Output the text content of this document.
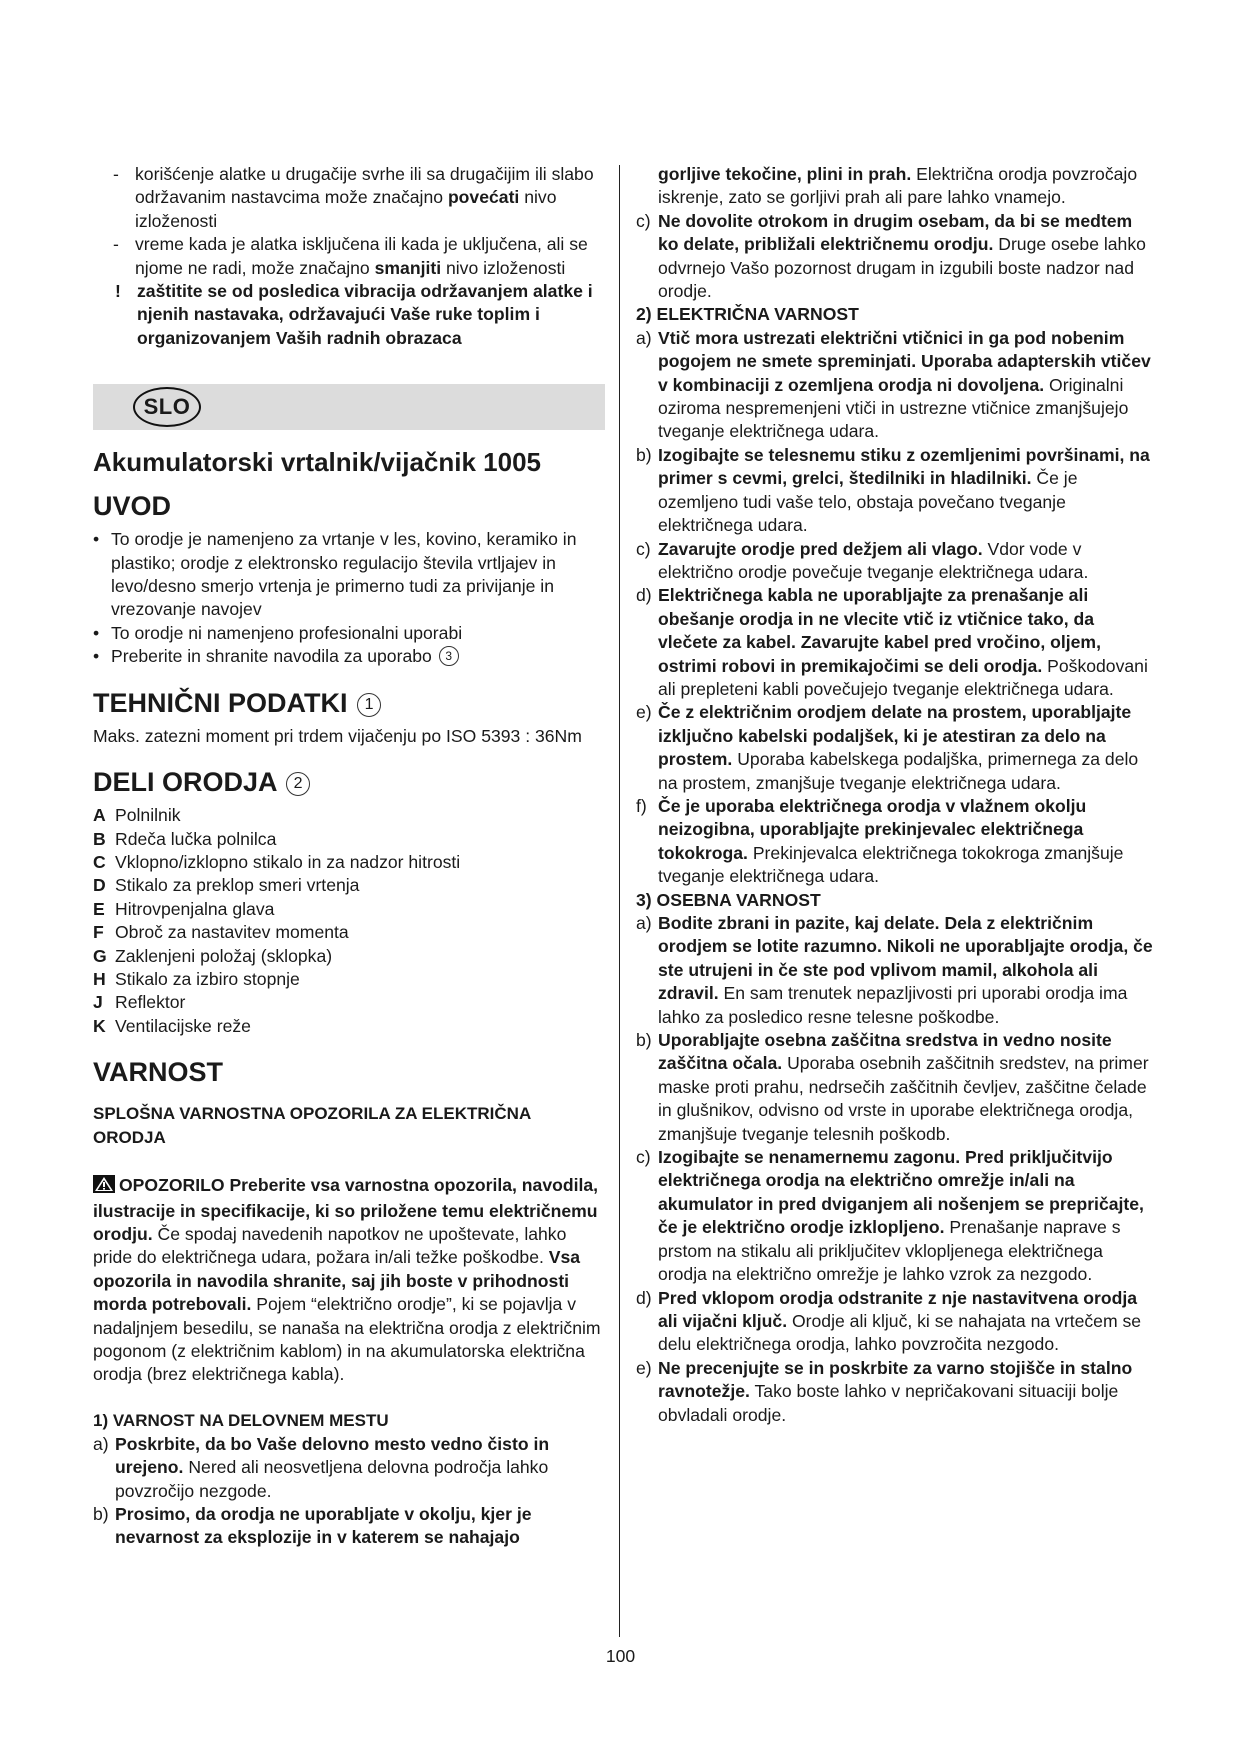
- korišćenje alatke u drugačije svrhe ili sa drugačijim ili slabo održavanim nastavcima može značajno povećati nivo izloženosti
- vreme kada je alatka isključena ili kada je uključena, ali se njome ne radi, može značajno smanjiti nivo izloženosti
! zaštitite se od posledica vibracija održavanjem alatke i njenih nastavaka, održavajući Vaše ruke toplim i organizovanjem Vaših radnih obrazaca
SLO
Akumulatorski vrtalnik/vijačnik 1005
UVOD
• To orodje je namenjeno za vrtanje v les, kovino, keramiko in plastiko; orodje z elektronsko regulacijo števila vrtljajev in levo/desno smerjo vrtenja je primerno tudi za privijanje in vrezovanje navojev
• To orodje ni namenjeno profesionalni uporabi
• Preberite in shranite navodila za uporabo 3
TEHNIČNI PODATKI 1

Maks. zatezni moment pri trdem vijačenju po ISO 5393 : 36Nm

DELI ORODJA 2
A Polnilnik
B Rdeča lučka polnilca
C Vklopno/izklopno stikalo in za nadzor hitrosti
D Stikalo za preklop smeri vrtenja
E Hitrovpenjalna glava
F Obroč za nastavitev momenta
G Zaklenjeni položaj (sklopka)
H Stikalo za izbiro stopnje
J Reflektor
K Ventilacijske reže
VARNOST
SPLOŠNA VARNOSTNA OPOZORILA ZA ELEKTRIČNA ORODJA

OPOZORILO Preberite vsa varnostna opozorila, navodila, ilustracije in specifikacije, ki so priložene temu električnemu orodju. Če spodaj navedenih napotkov ne upoštevate, lahko pride do električnega udara, požara in/ali težke poškodbe. Vsa opozorila in navodila shranite, saj jih boste v prihodnosti morda potrebovali. Pojem “električno orodje”, ki se pojavlja v nadaljnjem besedilu, se nanaša na električna orodja z električnim pogonom (z električnim kablom) in na akumulatorska električna orodja (brez električnega kabla).

1) VARNOST NA DELOVNEM MESTU
a) Poskrbite, da bo Vaše delovno mesto vedno čisto in urejeno. Nered ali neosvetljena delovna področja lahko povzročijo nezgode.
b) Prosimo, da orodja ne uporabljate v okolju, kjer je nevarnost za eksplozije in v katerem se nahajajo
gorljive tekočine, plini in prah. Električna orodja povzročajo iskrenje, zato se gorljivi prah ali pare lahko vnamejo.
c) Ne dovolite otrokom in drugim osebam, da bi se medtem ko delate, približali električnemu orodju. Druge osebe lahko odvrnejo Vašo pozornost drugam in izgubili boste nadzor nad orodje.
2) ELEKTRIČNA VARNOST
a) Vtič mora ustrezati električni vtičnici in ga pod nobenim pogojem ne smete spreminjati. Uporaba adapterskih vtičev v kombinaciji z ozemljena orodja ni dovoljena. Originalni oziroma nespremenjeni vtiči in ustrezne vtičnice zmanjšujejo tveganje električnega udara.
b) Izogibajte se telesnemu stiku z ozemljenimi površinami, na primer s cevmi, grelci, štedilniki in hladilniki. Če je ozemljeno tudi vaše telo, obstaja povečano tveganje električnega udara.
c) Zavarujte orodje pred dežjem ali vlago. Vdor vode v električno orodje povečuje tveganje električnega udara.
d) Električnega kabla ne uporabljajte za prenašanje ali obešanje orodja in ne vlecite vtič iz vtičnice tako, da vlečete za kabel. Zavarujte kabel pred vročino, oljem, ostrimi robovi in premikajočimi se deli orodja. Poškodovani ali prepleteni kabli povečujejo tveganje električnega udara.
e) Če z električnim orodjem delate na prostem, uporabljajte izključno kabelski podaljšek, ki je atestiran za delo na prostem. Uporaba kabelskega podaljška, primernega za delo na prostem, zmanjšuje tveganje električnega udara.
f) Če je uporaba električnega orodja v vlažnem okolju neizogibna, uporabljajte prekinjevalec električnega tokokroga. Prekinjevalca električnega tokokroga zmanjšuje tveganje električnega udara.
3) OSEBNA VARNOST
a) Bodite zbrani in pazite, kaj delate. Dela z električnim orodjem se lotite razumno. Nikoli ne uporabljajte orodja, če ste utrujeni in če ste pod vplivom mamil, alkohola ali zdravil. En sam trenutek nepazljivosti pri uporabi orodja ima lahko za posledico resne telesne poškodbe.
b) Uporabljajte osebna zaščitna sredstva in vedno nosite zaščitna očala. Uporaba osebnih zaščitnih sredstev, na primer maske proti prahu, nedrsečih zaščitnih čevljev, zaščitne čelade in glušnikov, odvisno od vrste in uporabe električnega orodja, zmanjšuje tveganje telesnih poškodb.
c) Izogibajte se nenamernemu zagonu. Pred priključitvijo električnega orodja na električno omrežje in/ali na akumulator in pred dviganjem ali nošenjem se prepričajte, če je električno orodje izklopljeno. Prenašanje naprave s prstom na stikalu ali priključitev vklopljenega električnega orodja na električno omrežje je lahko vzrok za nezgodo.
d) Pred vklopom orodja odstranite z nje nastavitvena orodja ali vijačni ključ. Orodje ali ključ, ki se nahajata na vrtečem se delu električnega orodja, lahko povzročita nezgodo.
e) Ne precenjujte se in poskrbite za varno stojišče in stalno ravnotežje. Tako boste lahko v nepričakovani situaciji bolje obvladali orodje.
100
